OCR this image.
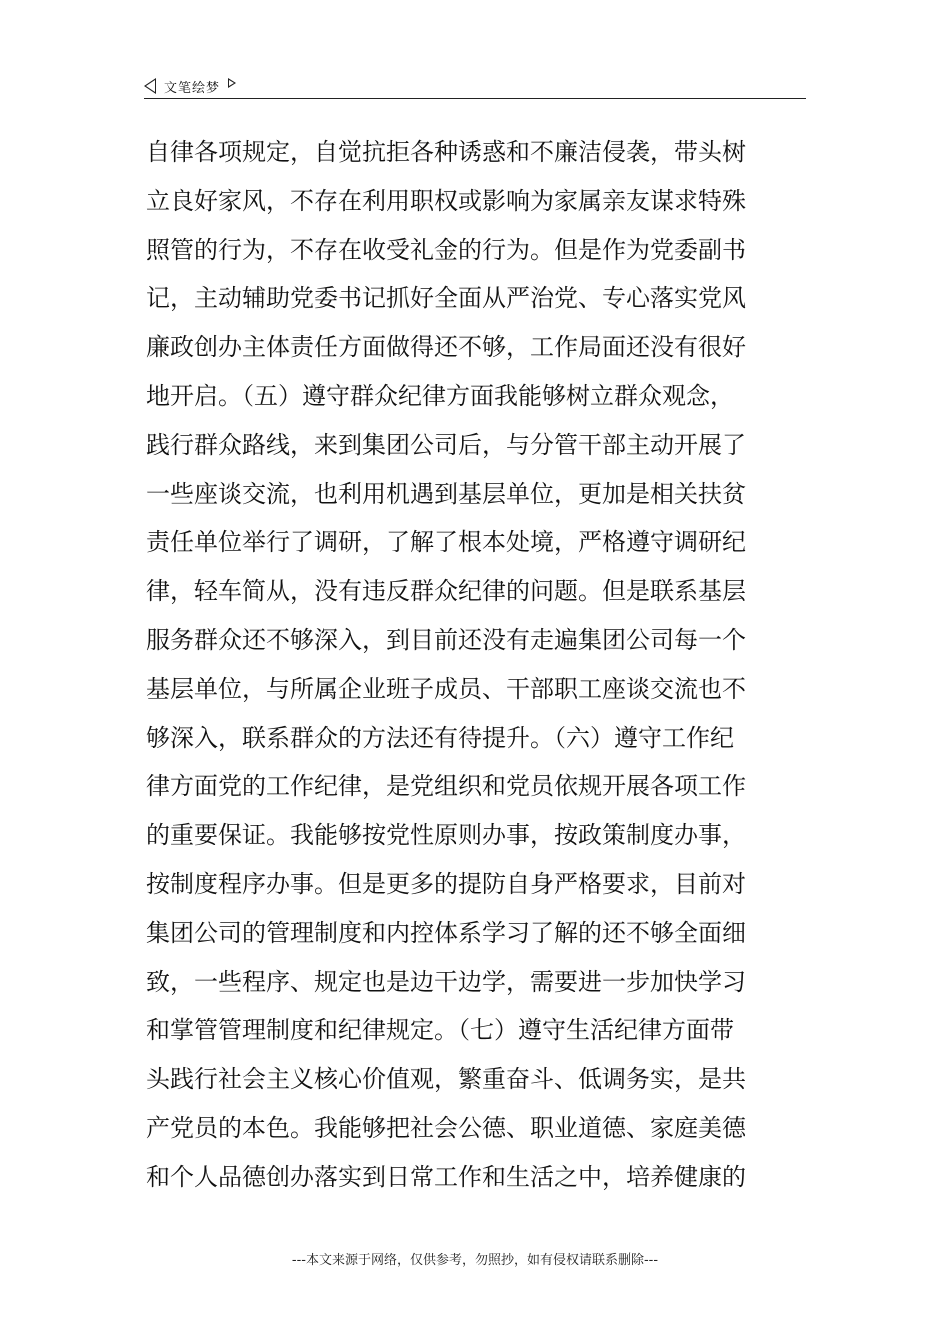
文笔绘梦
自律各项规定，自觉抗拒各种诱惑和不廉洁侵袭，带头树
立良好家风，不存在利用职权或影响为家属亲友谋求特殊
照管的行为，不存在收受礼金的行为。但是作为党委副书
记，主动辅助党委书记抓好全面从严治党、专心落实党风
廉政创办主体责任方面做得还不够，工作局面还没有很好
地开启。（五）遵守群众纪律方面我能够树立群众观念，
践行群众路线，来到集团公司后，与分管干部主动开展了
一些座谈交流，也利用机遇到基层单位，更加是相关扶贫
责任单位举行了调研，了解了根本处境，严格遵守调研纪
律，轻车简从，没有违反群众纪律的问题。但是联系基层
服务群众还不够深入，到目前还没有走遍集团公司每一个
基层单位，与所属企业班子成员、干部职工座谈交流也不
够深入，联系群众的方法还有待提升。（六）遵守工作纪
律方面党的工作纪律，是党组织和党员依规开展各项工作
的重要保证。我能够按党性原则办事，按政策制度办事，
按制度程序办事。但是更多的提防自身严格要求，目前对
集团公司的管理制度和内控体系学习了解的还不够全面细
致，一些程序、规定也是边干边学，需要进一步加快学习
和掌管管理制度和纪律规定。（七）遵守生活纪律方面带
头践行社会主义核心价值观，繁重奋斗、低调务实，是共
产党员的本色。我能够把社会公德、职业道德、家庭美德
和个人品德创办落实到日常工作和生活之中，培养健康的
---本文来源于网络，仅供参考，勿照抄，如有侵权请联系删除---
